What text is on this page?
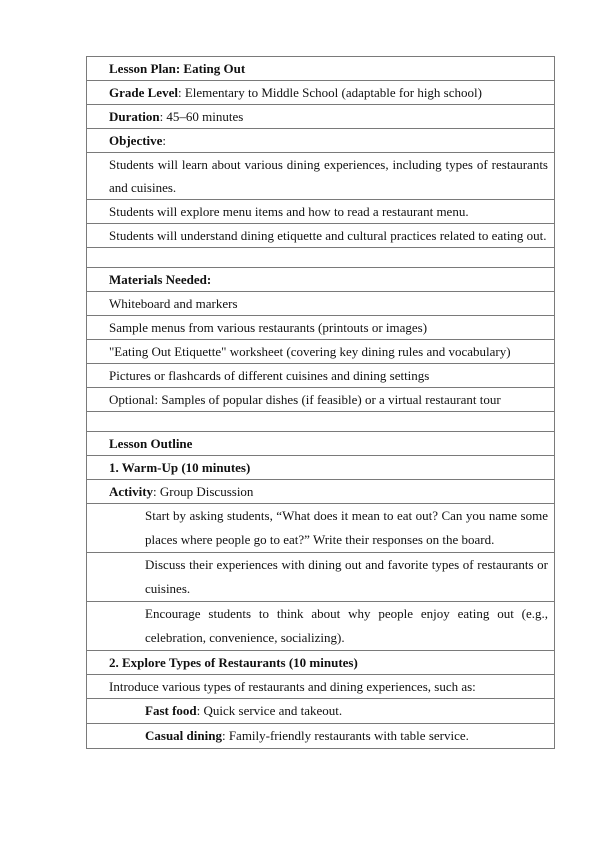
Lesson Plan: Eating Out
Grade Level: Elementary to Middle School (adaptable for high school)
Duration: 45–60 minutes
Objective:
Students will learn about various dining experiences, including types of restaurants and cuisines.
Students will explore menu items and how to read a restaurant menu.
Students will understand dining etiquette and cultural practices related to eating out.
Materials Needed:
Whiteboard and markers
Sample menus from various restaurants (printouts or images)
"Eating Out Etiquette" worksheet (covering key dining rules and vocabulary)
Pictures or flashcards of different cuisines and dining settings
Optional: Samples of popular dishes (if feasible) or a virtual restaurant tour
Lesson Outline
1. Warm-Up (10 minutes)
Activity: Group Discussion
Start by asking students, “What does it mean to eat out? Can you name some places where people go to eat?” Write their responses on the board.
Discuss their experiences with dining out and favorite types of restaurants or cuisines.
Encourage students to think about why people enjoy eating out (e.g., celebration, convenience, socializing).
2. Explore Types of Restaurants (10 minutes)
Introduce various types of restaurants and dining experiences, such as:
Fast food: Quick service and takeout.
Casual dining: Family-friendly restaurants with table service.
